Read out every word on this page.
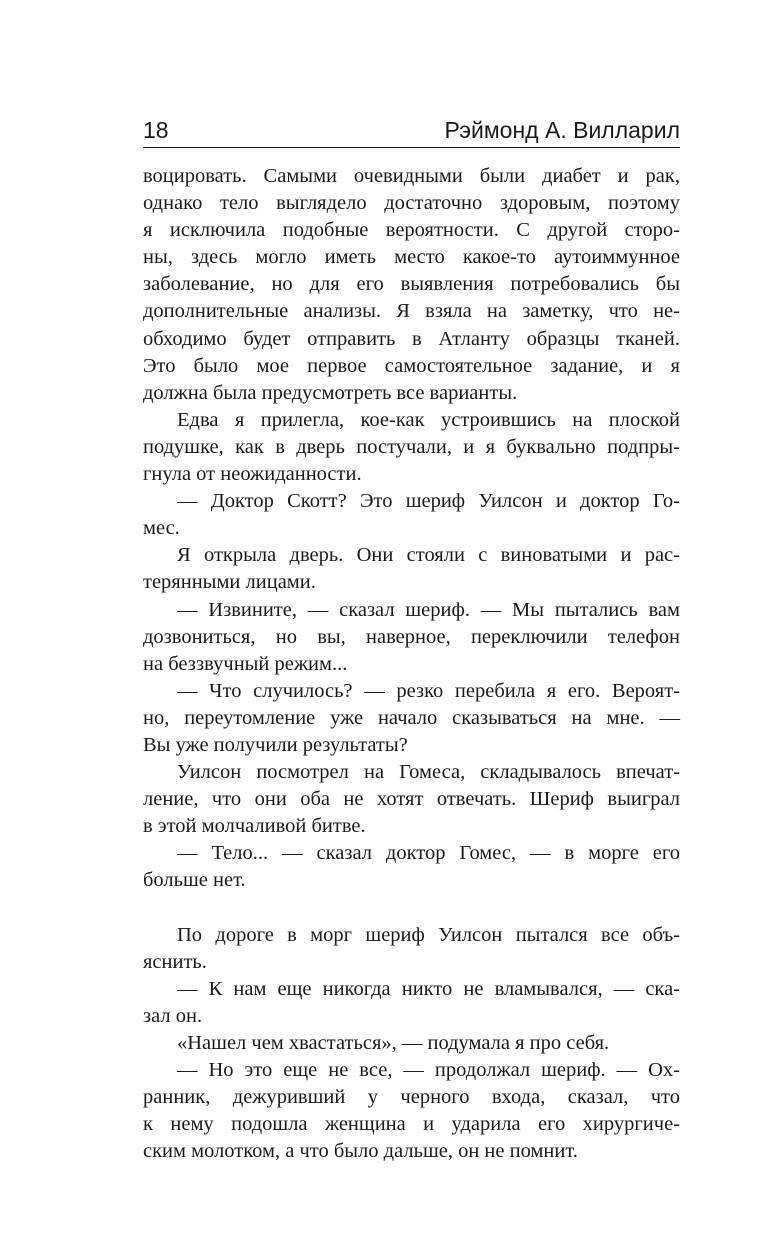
18	Рэймонд А. Вилларил
воцировать. Самыми очевидными были диабет и рак,
однако тело выглядело достаточно здоровым, поэтому
я исключила подобные вероятности. С другой сторо-
ны, здесь могло иметь место какое-то аутоиммунное
заболевание, но для его выявления потребовались бы
дополнительные анализы. Я взяла на заметку, что не-
обходимо будет отправить в Атланту образцы тканей.
Это было мое первое самостоятельное задание, и я
должна была предусмотреть все варианты.
Едва я прилегла, кое-как устроившись на плоской
подушке, как в дверь постучали, и я буквально подпры-
гнула от неожиданности.
— Доктор Скотт? Это шериф Уилсон и доктор Го-
мес.
Я открыла дверь. Они стояли с виноватыми и рас-
терянными лицами.
— Извините, — сказал шериф. — Мы пытались вам
дозвониться, но вы, наверное, переключили телефон
на беззвучный режим...
— Что случилось? — резко перебила я его. Вероят-
но, переутомление уже начало сказываться на мне. —
Вы уже получили результаты?
Уилсон посмотрел на Гомеса, складывалось впечат-
ление, что они оба не хотят отвечать. Шериф выиграл
в этой молчаливой битве.
— Тело... — сказал доктор Гомес, — в морге его
больше нет.
По дороге в морг шериф Уилсон пытался все объ-
яснить.
— К нам еще никогда никто не вламывался, — ска-
зал он.
«Нашел чем хвастаться», — подумала я про себя.
— Но это еще не все, — продолжал шериф. — Ох-
ранник, дежуривший у черного входа, сказал, что
к нему подошла женщина и ударила его хирургиче-
ским молотком, а что было дальше, он не помнит.
